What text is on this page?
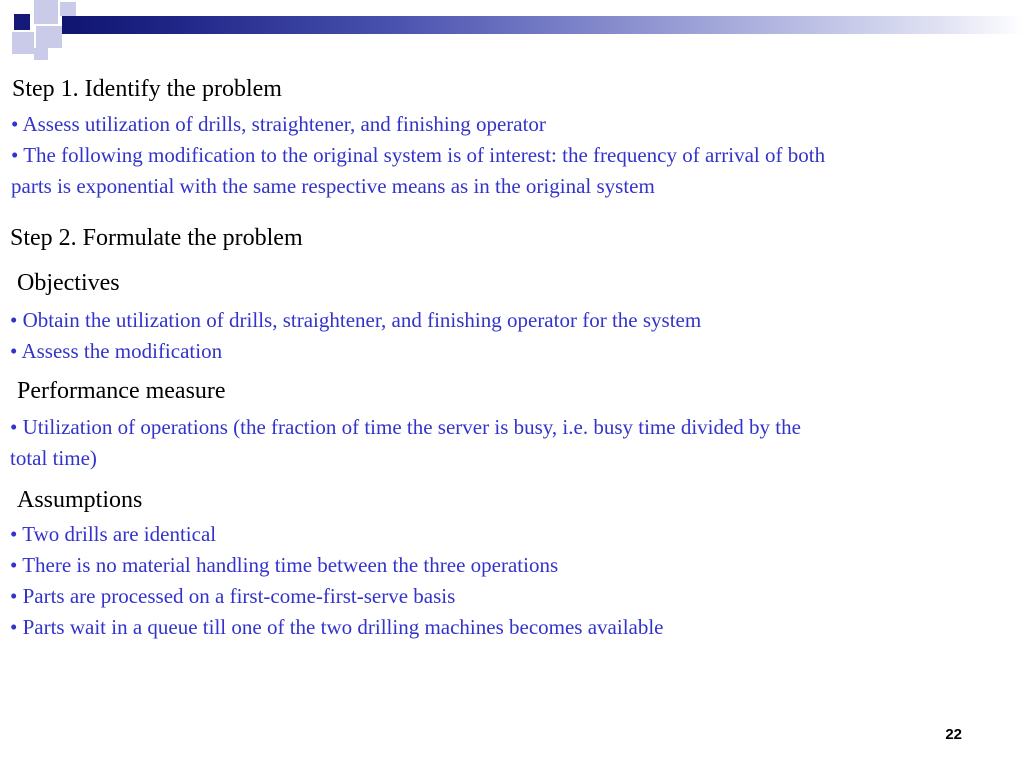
Step 1. Identify the problem
• Assess utilization of drills, straightener, and finishing operator
• The following modification to the original system is of interest: the frequency of arrival of both
parts is exponential with the same respective means as in the original system
Step 2. Formulate the problem
Objectives
• Obtain the utilization of drills, straightener, and finishing operator for the system
• Assess the modification
Performance measure
• Utilization of operations (the fraction of time the server is busy, i.e. busy time divided by the
total time)
Assumptions
• Two drills are identical
• There is no material handling time between the three operations
• Parts are processed on a first-come-first-serve basis
• Parts wait in a queue till one of the two drilling machines becomes available
22
